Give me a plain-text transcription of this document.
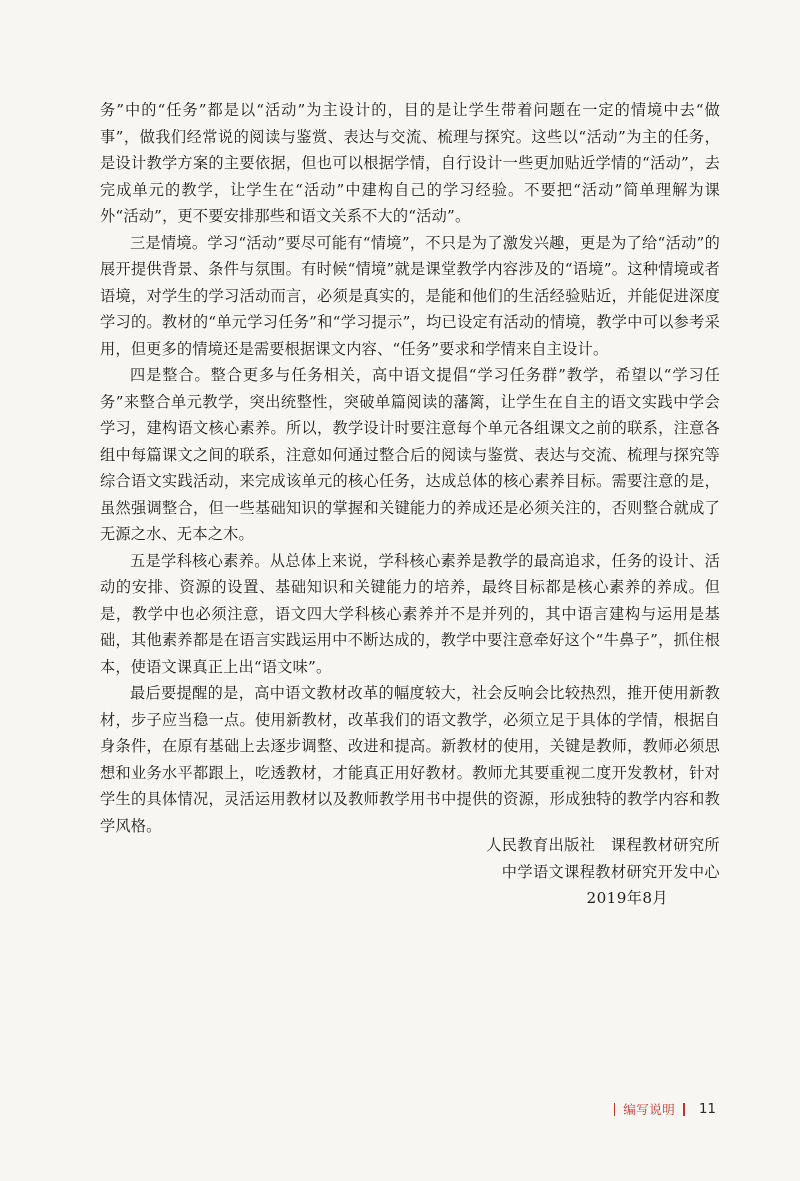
务”中的“任务”都是以“活动”为主设计的，目的是让学生带着问题在一定的情境中去“做事”，做我们经常说的阅读与鉴赏、表达与交流、梳理与探究。这些以“活动”为主的任务，是设计教学方案的主要依据，但也可以根据学情，自行设计一些更加贴近学情的“活动”，去完成单元的教学，让学生在“活动”中建构自己的学习经验。不要把“活动”简单理解为课外“活动”，更不要安排那些和语文关系不大的“活动”。

三是情境。学习“活动”要尽可能有“情境”，不只是为了激发兴趣，更是为了给“活动”的展开提供背景、条件与氛围。有时候“情境”就是课堂教学内容涉及的“语境”。这种情境或者语境，对学生的学习活动而言，必须是真实的，是能和他们的生活经验贴近，并能促进深度学习的。教材的“单元学习任务”和“学习提示”，均已设定有活动的情境，教学中可以参考采用，但更多的情境还是需要根据课文内容、“任务”要求和学情来自主设计。

四是整合。整合更多与任务相关，高中语文提倡“学习任务群”教学，希望以“学习任务”来整合单元教学，突出统整性，突破单篇阅读的藩篱，让学生在自主的语文实践中学会学习，建构语文核心素养。所以，教学设计时要注意每个单元各组课文之前的联系，注意各组中每篇课文之间的联系，注意如何通过整合后的阅读与鉴赏、表达与交流、梳理与探究等综合语文实践活动，来完成该单元的核心任务，达成总体的核心素养目标。需要注意的是，虽然强调整合，但一些基础知识的掌握和关键能力的养成还是必须关注的，否则整合就成了无源之水、无本之木。

五是学科核心素养。从总体上来说，学科核心素养是教学的最高追求，任务的设计、活动的安排、资源的设置、基础知识和关键能力的培养，最终目标都是核心素养的养成。但是，教学中也必须注意，语文四大学科核心素养并不是并列的，其中语言建构与运用是基础，其他素养都是在语言实践运用中不断达成的，教学中要注意牵好这个“牛鼻子”，抓住根本，使语文课真正上出“语文味”。

最后要提醒的是，高中语文教材改革的幅度较大，社会反响会比较热烈，推开使用新教材，步子应当稳一点。使用新教材，改革我们的语文教学，必须立足于具体的学情，根据自身条件，在原有基础上去逐步调整、改进和提高。新教材的使用，关键是教师，教师必须思想和业务水平都跟上，吃透教材，才能真正用好教材。教师尤其要重视二度开发教材，针对学生的具体情况，灵活运用教材以及教师教学用书中提供的资源，形成独特的教学内容和教学风格。

人民教育出版社　课程教材研究所
中学语文课程教材研究开发中心
2019年8月
编写说明 11
